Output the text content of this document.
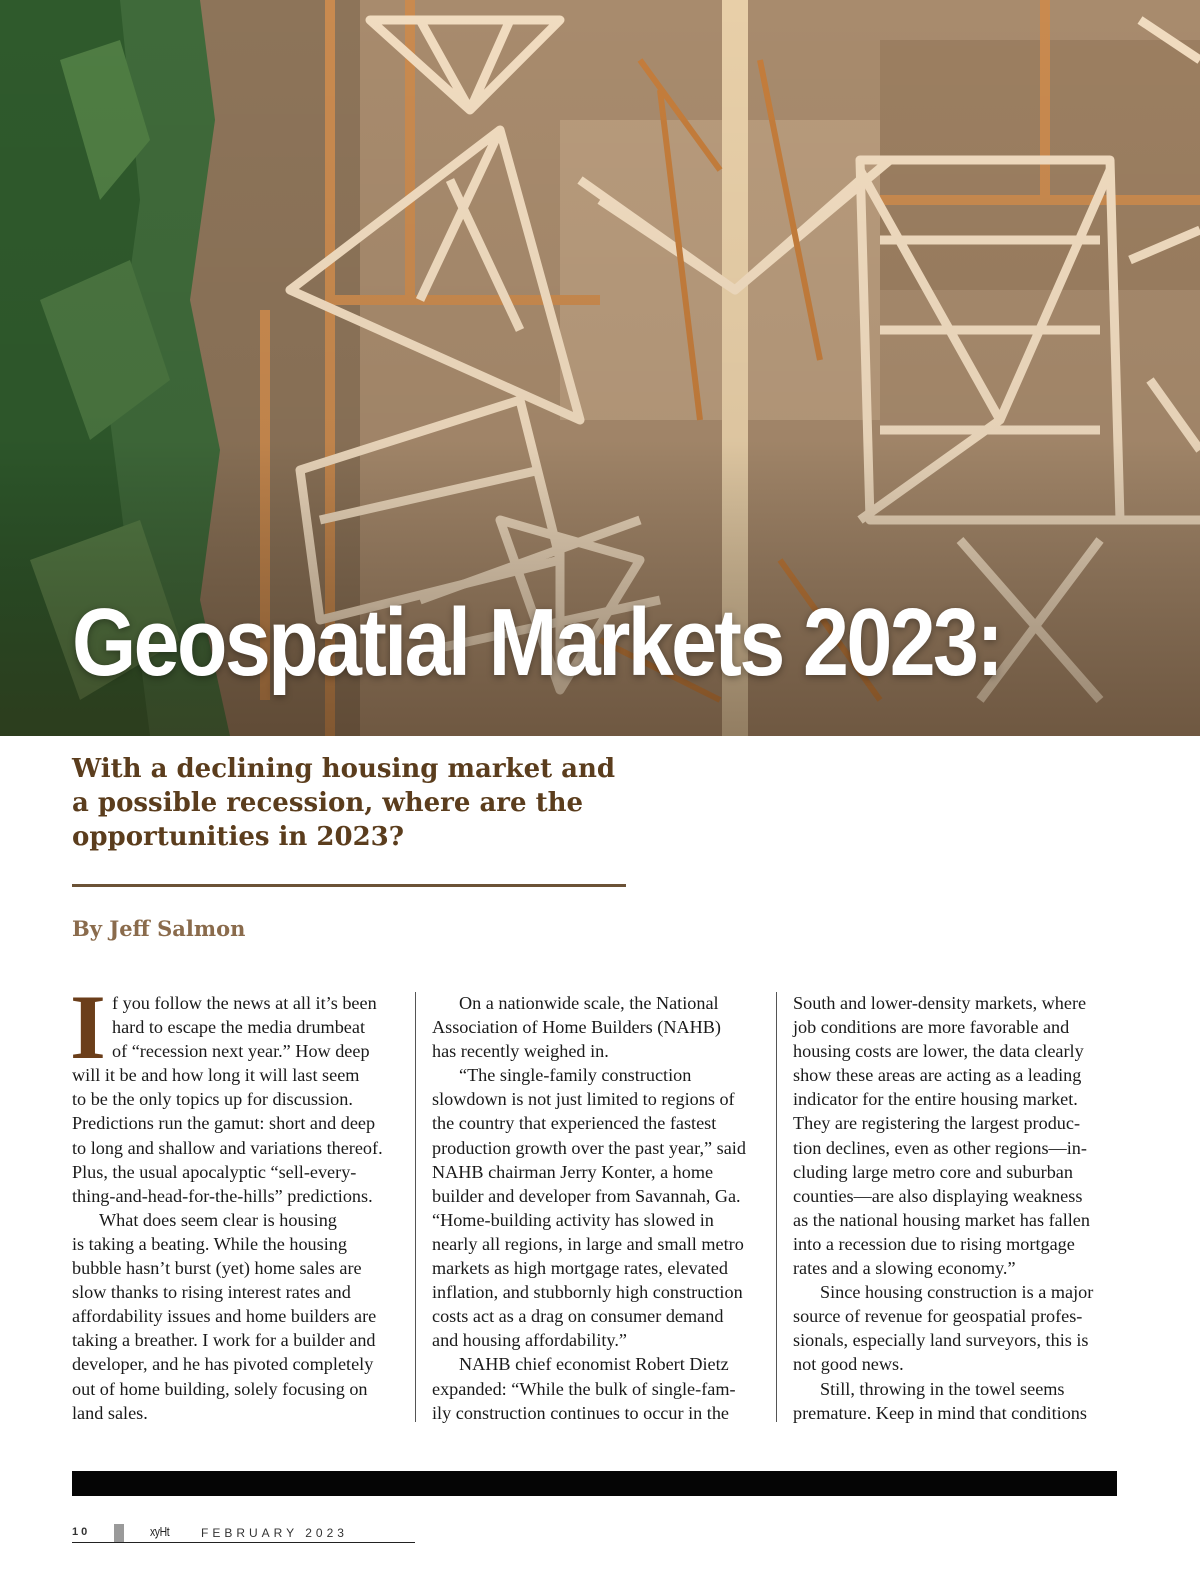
Geospatial Markets 2023:
With a declining housing market and a possible recession, where are the opportunities in 2023?

By Jeff Salmon

I f you follow the news at all it’s been
hard to escape the media drumbeat
of “recession next year.” How deep
will it be and how long it will last seem
to be the only topics up for discussion.
Predictions run the gamut: short and deep
to long and shallow and variations thereof.
Plus, the usual apocalyptic “sell-every-
thing-and-head-for-the-hills” predictions.
What does seem clear is housing
is taking a beating. While the housing
bubble hasn’t burst (yet) home sales are
slow thanks to rising interest rates and
affordability issues and home builders are
taking a breather. I work for a builder and
developer, and he has pivoted completely
out of home building, solely focusing on
land sales.
On a nationwide scale, the National
Association of Home Builders (NAHB)
has recently weighed in.
“The single-family construction
slowdown is not just limited to regions of
the country that experienced the fastest
production growth over the past year,” said
NAHB chairman Jerry Konter, a home
builder and developer from Savannah, Ga.
“Home-building activity has slowed in
nearly all regions, in large and small metro
markets as high mortgage rates, elevated
inflation, and stubbornly high construction
costs act as a drag on consumer demand
and housing affordability.”
NAHB chief economist Robert Dietz
expanded: “While the bulk of single-fam-
ily construction continues to occur in the
South and lower-density markets, where
job conditions are more favorable and
housing costs are lower, the data clearly
show these areas are acting as a leading
indicator for the entire housing market.
They are registering the largest produc-
tion declines, even as other regions—in-
cluding large metro core and suburban
counties—are also displaying weakness
as the national housing market has fallen
into a recession due to rising mortgage
rates and a slowing economy.”
Since housing construction is a major
source of revenue for geospatial profes-
sionals, especially land surveyors, this is
not good news.
Still, throwing in the towel seems
premature. Keep in mind that conditions
10	xyHt	FEBRUARY 2023
